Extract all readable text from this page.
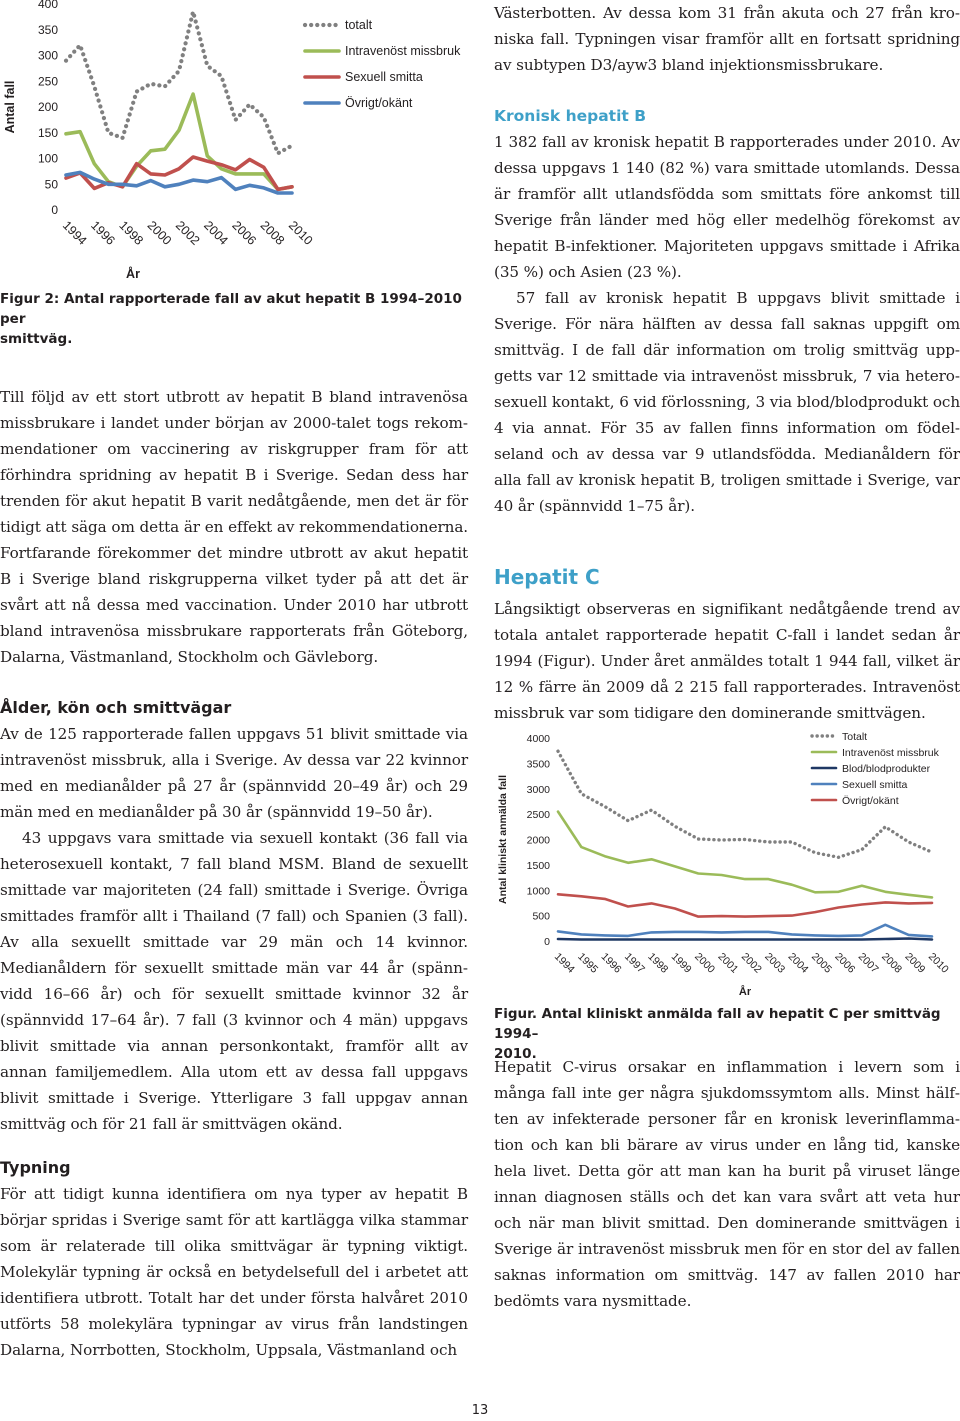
Antal fall
0
50
100
150
200
250
300
350
400
1994
1996
1998
2000
2002
2004
2006
2008
2010
År
totalt
Intravenöst missbruk
Sexuell smitta
Övrigt/okänt

Figur 2: Antal rapporterade fall av akut hepatit B 1994–2010 per

smittväg.

Till följd av ett stort utbrott av hepatit B bland intravenösa missbrukare i landet under början av 2000-talet togs rekommendationer om vaccinering av riskgrupper fram för att förhindra spridning av hepatit B i Sverige. Sedan dess har trenden för akut hepatit B varit nedåtgående, men det är för tidigt att säga om detta är en effekt av rekommendationerna. Fortfarande förekommer det mindre utbrott av akut hepatit B i Sverige bland riskgrupperna vilket tyder på att det är svårt att nå dessa med vaccination. Under 2010 har utbrott bland intravenösa missbrukare rapporterats från Göteborg, Dalarna, Västmanland, Stockholm och Gävleborg.

Ålder, kön och smittvägar

Av de 125 rapporterade fallen uppgavs 51 blivit smittade via intravenöst missbruk, alla i Sverige. Av dessa var 22 kvinnor med en medianålder på 27 år (spännvidd 20–49 år) och 29 män med en medianålder på 30 år (spännvidd 19–50 år).

43 uppgavs vara smittade via sexuell kontakt (36 fall via heterosexuell kontakt, 7 fall bland MSM. Bland de sexuellt smittade var majoriteten (24 fall) smittade i Sverige. Övriga smittades framför allt i Thailand (7 fall) och Spanien (3 fall). Av alla sexuellt smittade var 29 män och 14 kvinnor. Medianåldern för sexuellt smittade män var 44 år (spännvidd 16–66 år) och för sexuellt smittade kvinnor 32 år (spännvidd 17–64 år). 7 fall (3 kvinnor och 4 män) uppgavs blivit smittade via annan personkontakt, framför allt av annan familjemedlem. Alla utom ett av dessa fall uppgavs blivit smittade i Sverige. Ytterligare 3 fall uppgav annan smittväg och för 21 fall är smittvägen okänd.

Typning

För att tidigt kunna identifiera om nya typer av hepatit B börjar spridas i Sverige samt för att kartlägga vilka stammar som är relaterade till olika smittvägar är typning viktigt. Molekylär typning är också en betydelsefull del i arbetet att identifiera utbrott. Totalt har det under första halvåret 2010 utförts 58 molekylära typningar av virus från landstingen Dalarna, Norrbotten, Stockholm, Uppsala, Västmanland och

Västerbotten. Av dessa kom 31 från akuta och 27 från kroniska fall. Typningen visar framför allt en fortsatt spridning av subtypen D3/ayw3 bland injektionsmissbrukare.

Kronisk hepatit B

1 382 fall av kronisk hepatit B rapporterades under 2010. Av dessa uppgavs 1 140 (82 %) vara smittade utomlands. Dessa är framför allt utlandsfödda som smittats före ankomst till Sverige från länder med hög eller medelhög förekomst av hepatit B-infektioner. Majoriteten uppgavs smittade i Afrika (35 %) och Asien (23 %).

57 fall av kronisk hepatit B uppgavs blivit smittade i Sverige. För nära hälften av dessa fall saknas uppgift om smittväg. I de fall där information om trolig smittväg uppgetts var 12 smittade via intravenöst missbruk, 7 via heterosexuell kontakt, 6 vid förlossning, 3 via blod/blodprodukt och 4 via annat. För 35 av fallen finns information om födelseland och av dessa var 9 utlandsfödda. Medianåldern för alla fall av kronisk hepatit B, troligen smittade i Sverige, var 40 år (spännvidd 1–75 år).

Hepatit C

Långsiktigt observeras en signifikant nedåtgående trend av totala antalet rapporterade hepatit C-fall i landet sedan år 1994 (Figur). Under året anmäldes totalt 1 944 fall, vilket är 12 % färre än 2009 då 2 215 fall rapporterades. Intravenöst missbruk var som tidigare den dominerande smittvägen.

Antal kliniskt anmälda fall
0
500
1000
1500
2000
2500
3000
3500
4000
1994
1995
1996
1997
1998
1999
2000
2001
2002
2003
2004
2005
2006
2007
2008
2009
2010
År
Totalt
Intravenöst missbruk
Blod/blodprodukter
Sexuell smitta
Övrigt/okänt

Figur. Antal kliniskt anmälda fall av hepatit C per smittväg 1994–

2010.

Hepatit C-virus orsakar en inflammation i levern som i många fall inte ger några sjukdomssymtom alls. Minst hälften av infekterade personer får en kronisk leverinflammation och kan bli bärare av virus under en lång tid, kanske hela livet. Detta gör att man kan ha burit på viruset länge innan diagnosen ställs och det kan vara svårt att veta hur och när man blivit smittad. Den dominerande smittvägen i Sverige är intravenöst missbruk men för en stor del av fallen saknas information om smittväg. 147 av fallen 2010 har bedömts vara nysmittade.

13
